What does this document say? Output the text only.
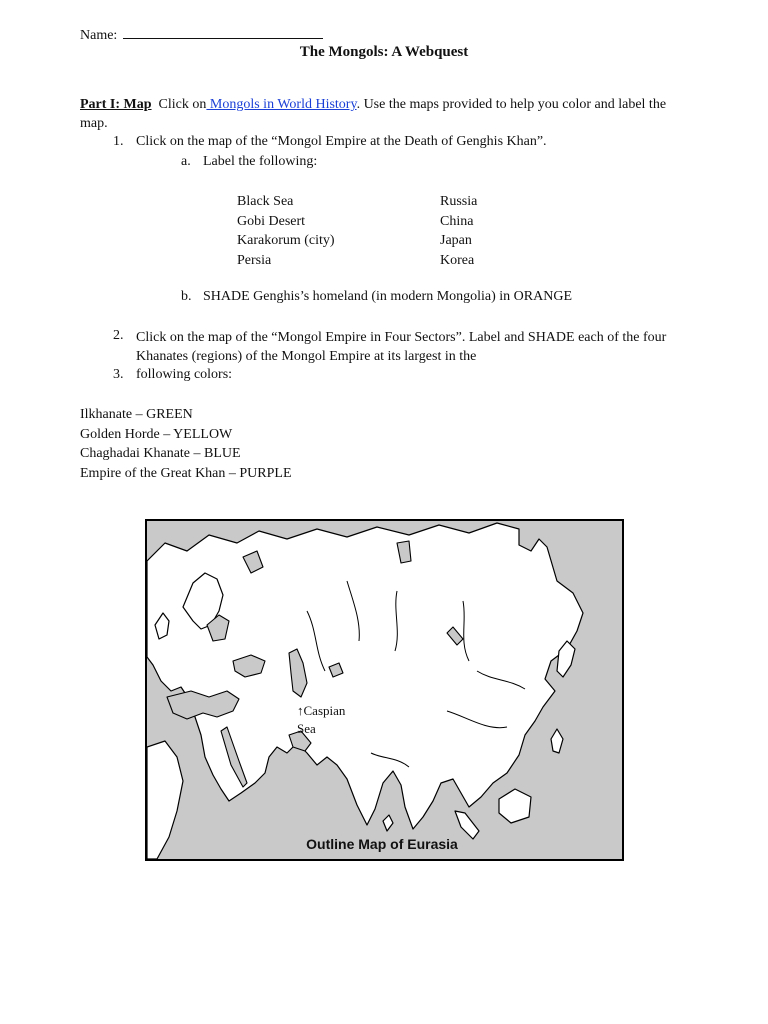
Name:
The Mongols: A Webquest
Part I: Map Click on Mongols in World History. Use the maps provided to help you color and label the map.
1. Click on the map of the “Mongol Empire at the Death of Genghis Khan”.
a. Label the following:
Black Sea
Gobi Desert
Karakorum (city)
Persia
Russia
China
Japan
Korea
b. SHADE Genghis’s homeland (in modern Mongolia) in ORANGE
2. Click on the map of the “Mongol Empire in Four Sectors”. Label and SHADE each of the four Khanates (regions) of the Mongol Empire at its largest in the
3. following colors:
Ilkhanate – GREEN
Golden Horde – YELLOW
Chaghadai Khanate – BLUE
Empire of the Great Khan – PURPLE
↑Caspian
Sea
Outline Map of Eurasia
